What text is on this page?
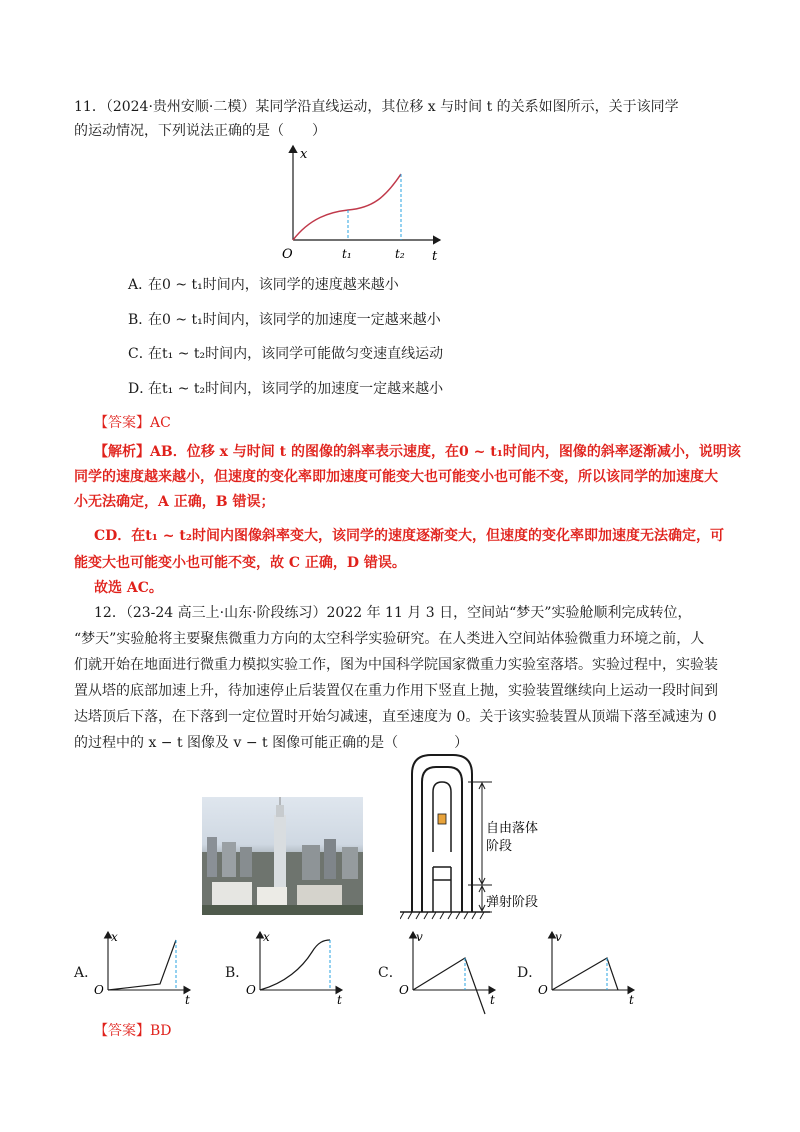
11．（2024·贵州安顺·二模）某同学沿直线运动，其位移 x 与时间 t 的关系如图所示，关于该同学
的运动情况，下列说法正确的是（　　）
x
t
O	t₁	t₂
A．在0 ~ t₁时间内，该同学的速度越来越小
B．在0 ~ t₁时间内，该同学的加速度一定越来越小
C．在t₁ ~ t₂时间内，该同学可能做匀变速直线运动
D．在t₁ ~ t₂时间内，该同学的加速度一定越来越小
【答案】AC
【解析】AB．位移 x 与时间 t 的图像的斜率表示速度，在0 ~ t₁时间内，图像的斜率逐渐减小，说明该
同学的速度越来越小，但速度的变化率即加速度可能变大也可能变小也可能不变，所以该同学的加速度大
小无法确定，A 正确，B 错误；
CD．在t₁ ~ t₂时间内图像斜率变大，该同学的速度逐渐变大，但速度的变化率即加速度无法确定，可
能变大也可能变小也可能不变，故 C 正确，D 错误。
故选 AC。
12．（23-24 高三上·山东·阶段练习）2022 年 11 月 3 日，空间站“梦天”实验舱顺利完成转位，
“梦天”实验舱将主要聚焦微重力方向的太空科学实验研究。在人类进入空间站体验微重力环境之前，人
们就开始在地面进行微重力模拟实验工作，图为中国科学院国家微重力实验室落塔。实验过程中，实验装
置从塔的底部加速上升，待加速停止后装置仅在重力作用下竖直上抛，实验装置继续向上运动一段时间到
达塔顶后下落，在下落到一定位置时开始匀减速，直至速度为 0。关于该实验装置从顶端下落至减速为 0
的过程中的 x − t 图像及 v − t 图像可能正确的是（　　　　）
自由落体
阶段
弹射阶段
A．
x
t
O
B．
x
t
O
C．
v
t
O
D．
v
t
O
【答案】BD
